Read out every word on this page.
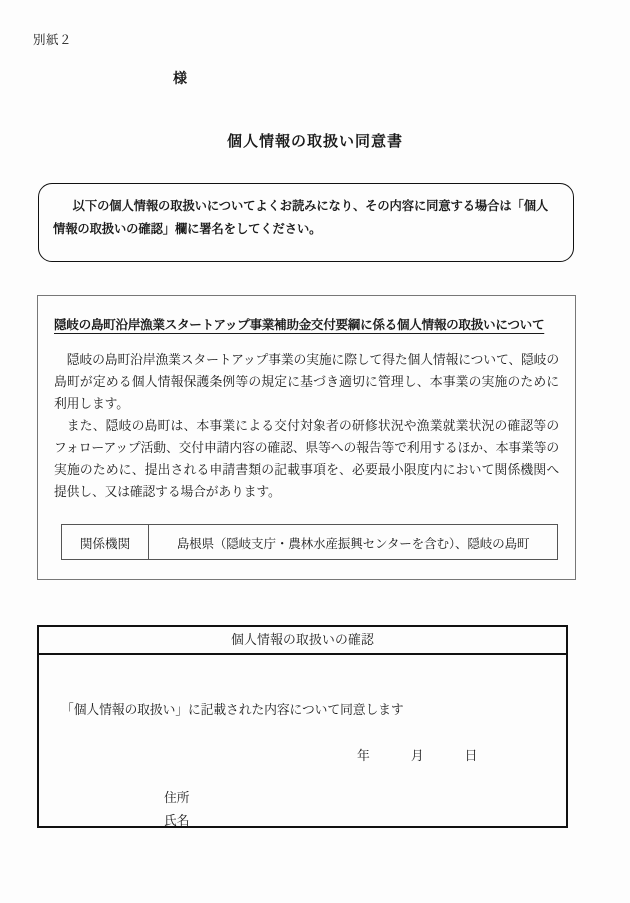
別紙２
様
個人情報の取扱い同意書

以下の個人情報の取扱いについてよくお読みになり、その内容に同意する場合は「個人情報の取扱いの確認」欄に署名をしてください。

隠岐の島町沿岸漁業スタートアップ事業補助金交付要綱に係る個人情報の取扱いについて

隠岐の島町沿岸漁業スタートアップ事業の実施に際して得た個人情報について、隠岐の島町が定める個人情報保護条例等の規定に基づき適切に管理し、本事業の実施のために利用します。

また、隠岐の島町は、本事業による交付対象者の研修状況や漁業就業状況の確認等のフォローアップ活動、交付申請内容の確認、県等への報告等で利用するほか、本事業等の実施のために、提出される申請書類の記載事項を、必要最小限度内において関係機関へ提供し、又は確認する場合があります。

関係機関	島根県（隠岐支庁・農林水産振興センターを含む）、隠岐の島町
個人情報の取扱いの確認
「個人情報の取扱い」に記載された内容について同意します
年	月	日
住所
氏名
